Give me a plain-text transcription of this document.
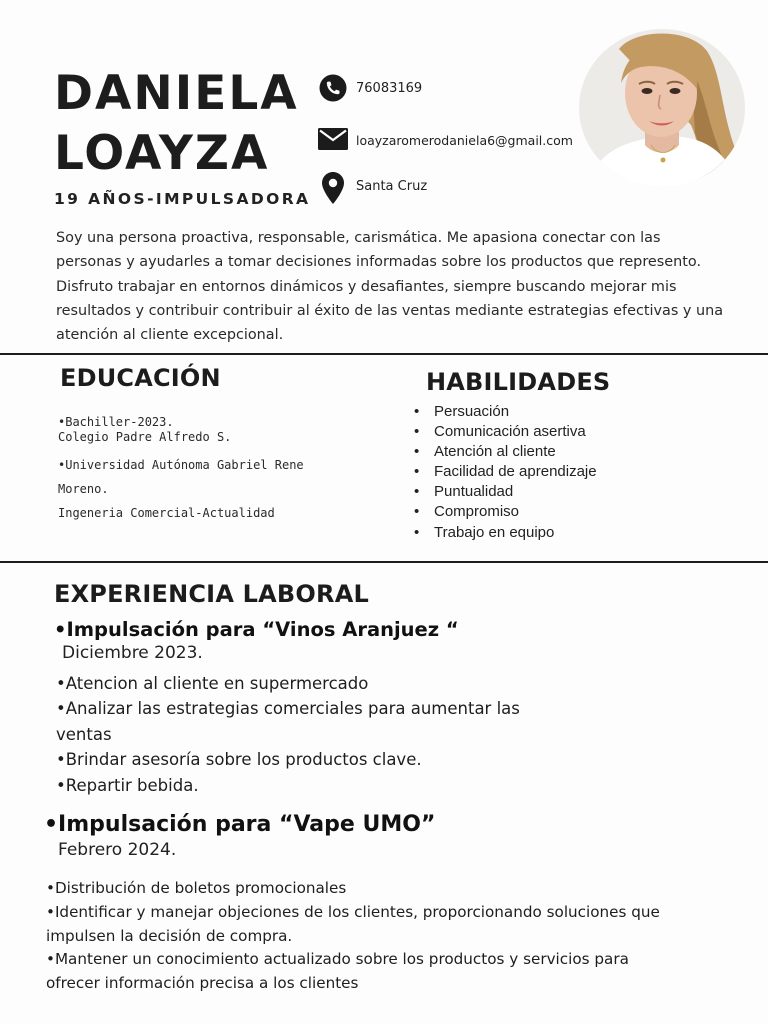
DANIELA
LOAYZA
19 AÑOS-IMPULSADORA
76083169
loayzaromerodaniela6@gmail.com
Santa Cruz
Soy una persona proactiva, responsable, carismática. Me apasiona conectar con las personas y ayudarles a tomar decisiones informadas sobre los productos que represento. Disfruto trabajar en entornos dinámicos y desafiantes, siempre buscando mejorar mis resultados y contribuir contribuir al éxito de las ventas mediante estrategias efectivas y una atención al cliente excepcional.
EDUCACIÓN
•Bachiller-2023.
Colegio Padre Alfredo S.
•Universidad Autónoma Gabriel Rene
Moreno.
Ingeneria Comercial-Actualidad
HABILIDADES
• Persuación
• Comunicación asertiva
• Atención al cliente
• Facilidad de aprendizaje
• Puntualidad
• Compromiso
• Trabajo en equipo
EXPERIENCIA LABORAL
•Impulsación para “Vinos Aranjuez “
Diciembre 2023.
•Atencion al cliente en supermercado
•Analizar las estrategias comerciales para aumentar las
ventas
•Brindar asesoría sobre los productos clave.
•Repartir bebida.
•Impulsación para “Vape UMO”
Febrero 2024.
•Distribución de boletos promocionales
•Identificar y manejar objeciones de los clientes, proporcionando soluciones que
impulsen la decisión de compra.
•Mantener un conocimiento actualizado sobre los productos y servicios para
ofrecer información precisa a los clientes
